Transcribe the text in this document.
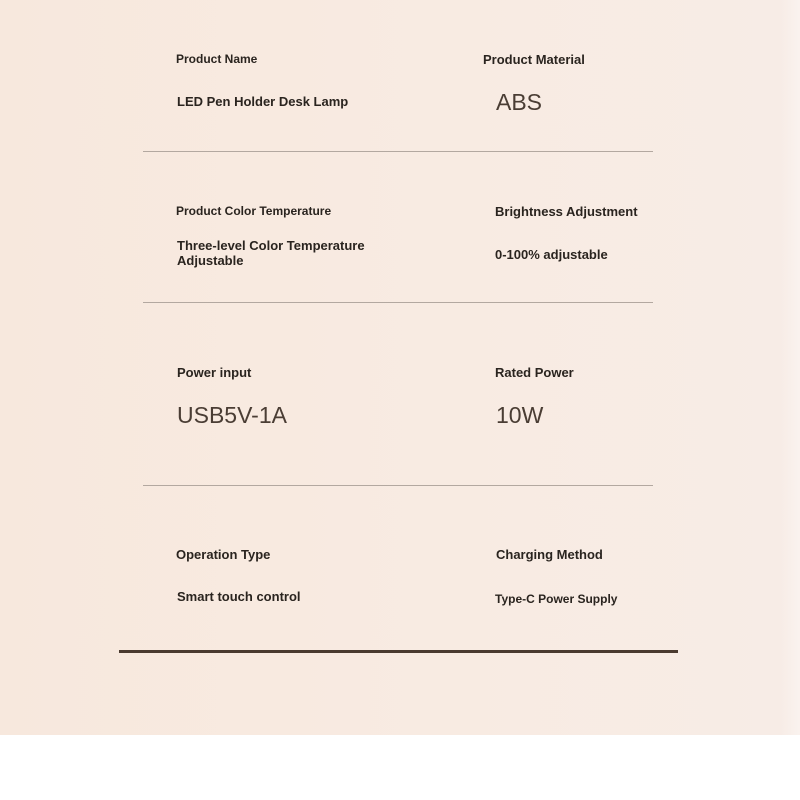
Product Name
LED Pen Holder Desk Lamp
Product Material
ABS
Product Color Temperature
Three-level Color Temperature Adjustable
Brightness Adjustment
0-100% adjustable
Power input
USB5V-1A
Rated Power
10W
Operation Type
Smart touch control
Charging Method
Type-C Power Supply
